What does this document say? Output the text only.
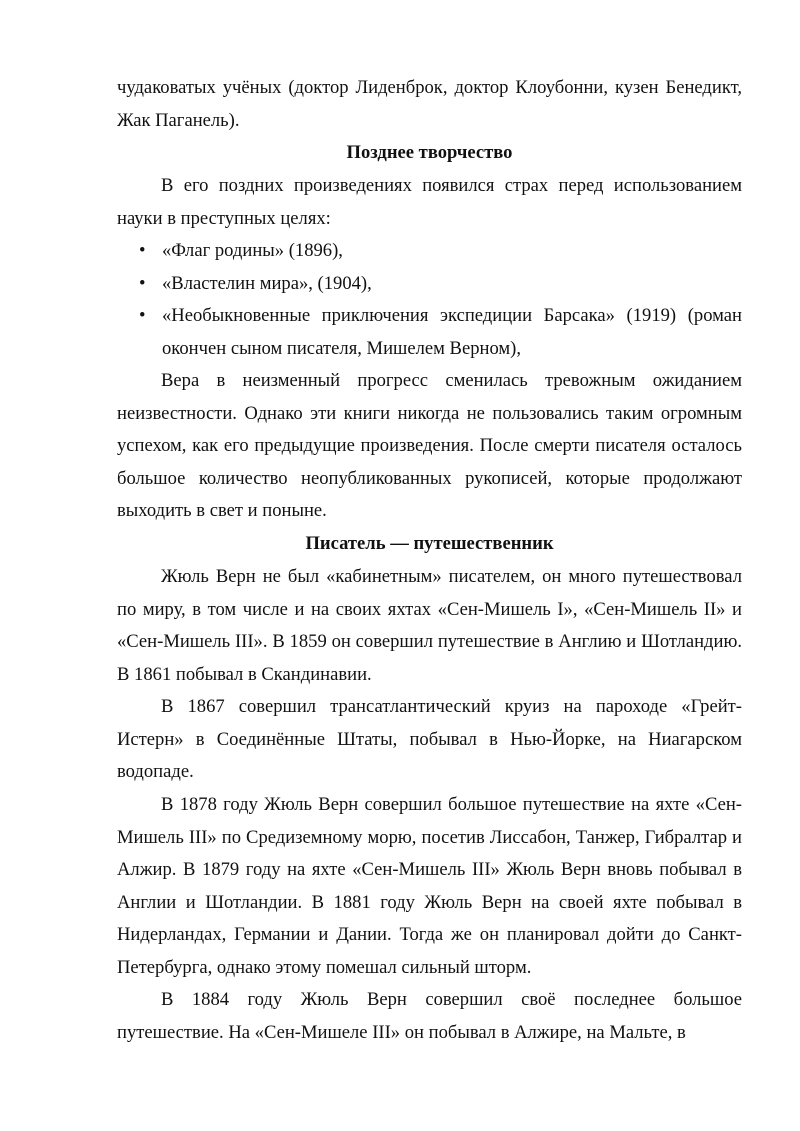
чудаковатых учёных (доктор Лиденброк, доктор Клоубонни, кузен Бенедикт, Жак Паганель).

Позднее творчество

В его поздних произведениях появился страх перед использованием науки в преступных целях:

• «Флаг родины» (1896),
• «Властелин мира», (1904),
• «Необыкновенные приключения экспедиции Барсака» (1919) (роман окончен сыном писателя, Мишелем Верном),

Вера в неизменный прогресс сменилась тревожным ожиданием неизвестности. Однако эти книги никогда не пользовались таким огромным успехом, как его предыдущие произведения. После смерти писателя осталось большое количество неопубликованных рукописей, которые продолжают выходить в свет и поныне.

Писатель — путешественник

Жюль Верн не был «кабинетным» писателем, он много путешествовал по миру, в том числе и на своих яхтах «Сен-Мишель I», «Сен-Мишель II» и «Сен-Мишель III». В 1859 он совершил путешествие в Англию и Шотландию. В 1861 побывал в Скандинавии.

В 1867 совершил трансатлантический круиз на пароходе «Грейт-Истерн» в Соединённые Штаты, побывал в Нью-Йорке, на Ниагарском водопаде.

В 1878 году Жюль Верн совершил большое путешествие на яхте «Сен-Мишель III» по Средиземному морю, посетив Лиссабон, Танжер, Гибралтар и Алжир. В 1879 году на яхте «Сен-Мишель III» Жюль Верн вновь побывал в Англии и Шотландии. В 1881 году Жюль Верн на своей яхте побывал в Нидерландах, Германии и Дании. Тогда же он планировал дойти до Санкт-Петербурга, однако этому помешал сильный шторм.

В 1884 году Жюль Верн совершил своё последнее большое путешествие. На «Сен-Мишеле III» он побывал в Алжире, на Мальте, в
